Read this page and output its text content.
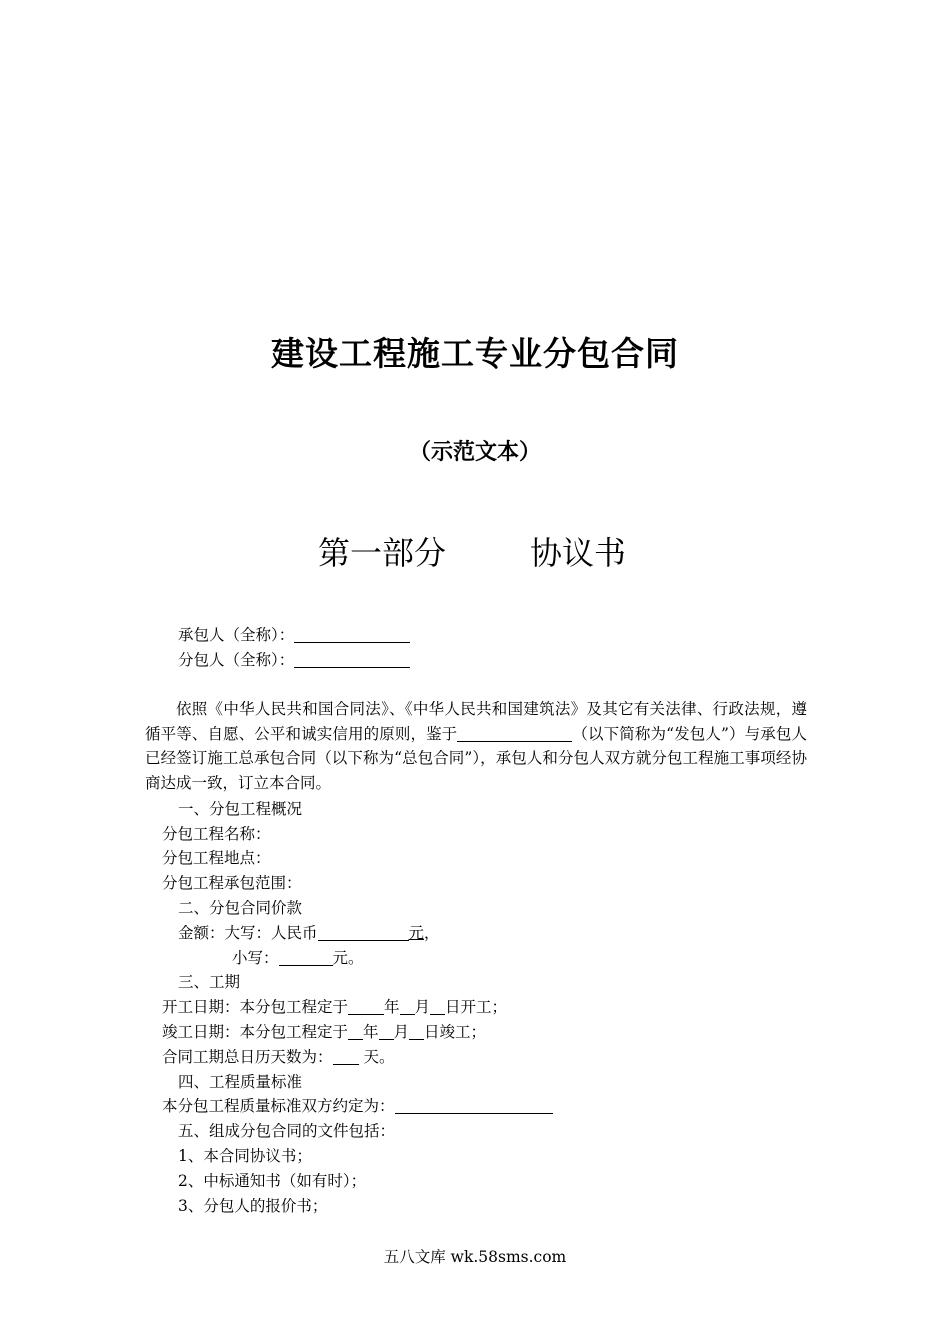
建设工程施工专业分包合同
（示范文本）
第一部分	协议书
承包人（全称）：
分包人（全称）：
依照《中华人民共和国合同法》、《中华人民共和国建筑法》及其它有关法律、行政法规，遵循平等、自愿、公平和诚实信用的原则，鉴于	（以下简称为“发包人”）与承包人已经签订施工总承包合同（以下称为“总包合同”），承包人和分包人双方就分包工程施工事项经协商达成一致，订立本合同。
一、分包工程概况
分包工程名称：
分包工程地点：
分包工程承包范围：
二、分包合同价款
金额：大写：人民币	元，
小写：	元。
三、工期
开工日期：本分包工程定于 年 月 日开工；
竣工日期：本分包工程定于 年 月 日竣工；
合同工期总日历天数为： 天。
四、工程质量标准
本分包工程质量标准双方约定为：
五、组成分包合同的文件包括：
1、本合同协议书；
2、中标通知书（如有时）；
3、分包人的报价书；
五八文库 wk.58sms.com
